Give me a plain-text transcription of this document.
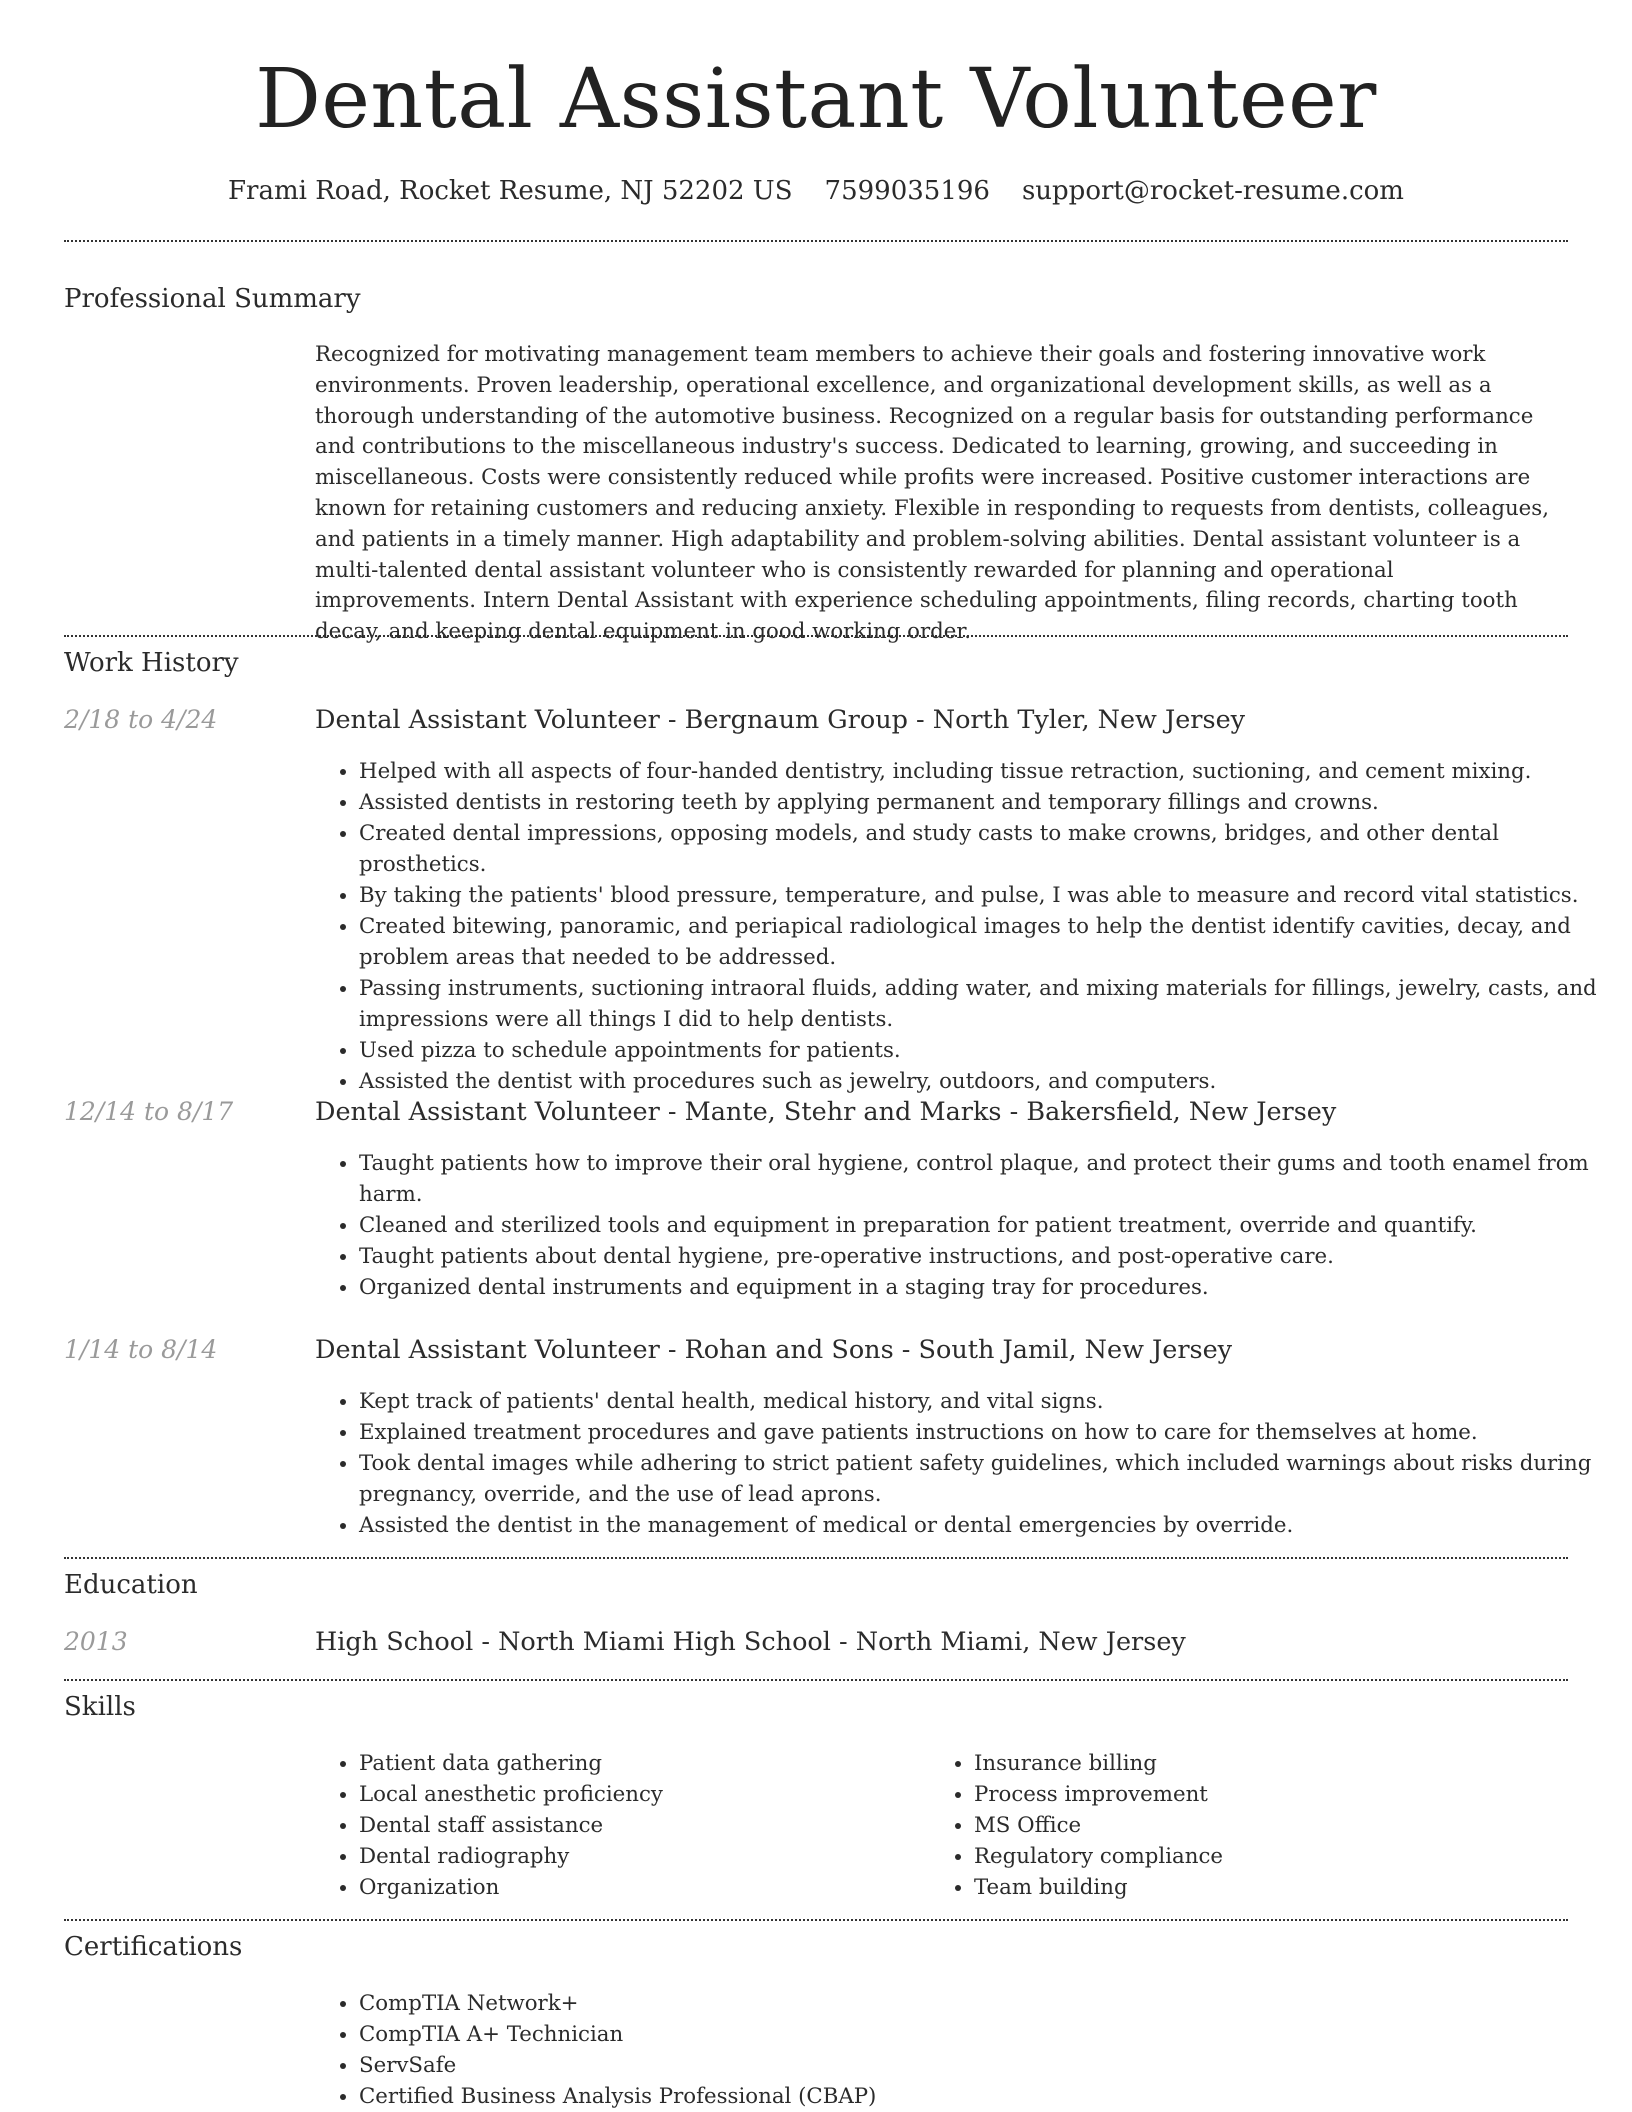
Dental Assistant Volunteer
Frami Road, Rocket Resume, NJ 52202 US 7599035196 support@rocket-resume.com
Professional Summary

Recognized for motivating management team members to achieve their goals and fostering innovative work environments. Proven leadership, operational excellence, and organizational development skills, as well as a thorough understanding of the automotive business. Recognized on a regular basis for outstanding performance and contributions to the miscellaneous industry's success. Dedicated to learning, growing, and succeeding in miscellaneous. Costs were consistently reduced while profits were increased. Positive customer interactions are known for retaining customers and reducing anxiety. Flexible in responding to requests from dentists, colleagues, and patients in a timely manner. High adaptability and problem-solving abilities. Dental assistant volunteer is a multi-talented dental assistant volunteer who is consistently rewarded for planning and operational improvements. Intern Dental Assistant with experience scheduling appointments, filing records, charting tooth decay, and keeping dental equipment in good working order.

Work History
2/18 to 4/24	Dental Assistant Volunteer - Bergnaum Group - North Tyler, New Jersey
• Helped with all aspects of four-handed dentistry, including tissue retraction, suctioning, and cement mixing.
• Assisted dentists in restoring teeth by applying permanent and temporary fillings and crowns.
• Created dental impressions, opposing models, and study casts to make crowns, bridges, and other dental prosthetics.
• By taking the patients' blood pressure, temperature, and pulse, I was able to measure and record vital statistics.
• Created bitewing, panoramic, and periapical radiological images to help the dentist identify cavities, decay, and problem areas that needed to be addressed.
• Passing instruments, suctioning intraoral fluids, adding water, and mixing materials for fillings, jewelry, casts, and impressions were all things I did to help dentists.
• Used pizza to schedule appointments for patients.
• Assisted the dentist with procedures such as jewelry, outdoors, and computers.
12/14 to 8/17	Dental Assistant Volunteer - Mante, Stehr and Marks - Bakersfield, New Jersey
• Taught patients how to improve their oral hygiene, control plaque, and protect their gums and tooth enamel from harm.
• Cleaned and sterilized tools and equipment in preparation for patient treatment, override and quantify.
• Taught patients about dental hygiene, pre-operative instructions, and post-operative care.
• Organized dental instruments and equipment in a staging tray for procedures.
1/14 to 8/14	Dental Assistant Volunteer - Rohan and Sons - South Jamil, New Jersey
• Kept track of patients' dental health, medical history, and vital signs.
• Explained treatment procedures and gave patients instructions on how to care for themselves at home.
• Took dental images while adhering to strict patient safety guidelines, which included warnings about risks during pregnancy, override, and the use of lead aprons.
• Assisted the dentist in the management of medical or dental emergencies by override.
Education
2013	High School - North Miami High School - North Miami, New Jersey
Skills
• Patient data gathering
• Local anesthetic proficiency
• Dental staff assistance
• Dental radiography
• Organization
• Insurance billing
• Process improvement
• MS Office
• Regulatory compliance
• Team building
Certifications
• CompTIA Network+
• CompTIA A+ Technician
• ServSafe
• Certified Business Analysis Professional (CBAP)
